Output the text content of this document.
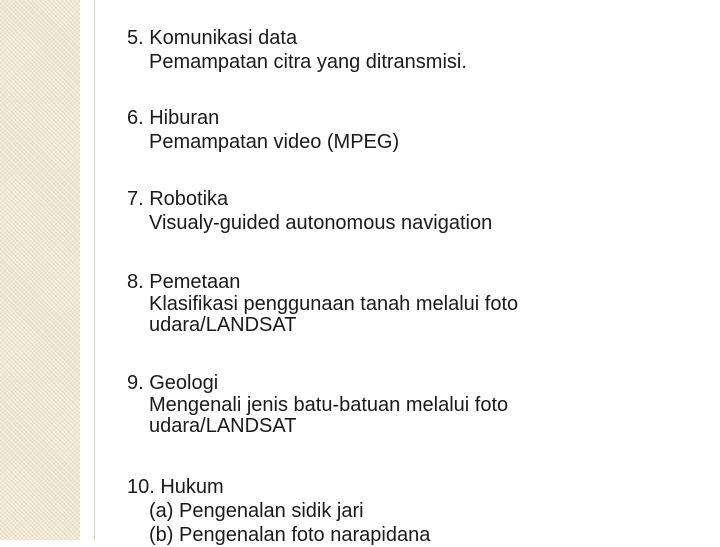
5. Komunikasi data
Pemampatan citra yang ditransmisi.
6. Hiburan
Pemampatan video (MPEG)
7. Robotika
Visualy-guided autonomous navigation
8. Pemetaan
Klasifikasi penggunaan tanah melalui foto udara/LANDSAT
9. Geologi
Mengenali jenis batu-batuan melalui foto udara/LANDSAT
10. Hukum
(a) Pengenalan sidik jari
(b) Pengenalan foto narapidana
